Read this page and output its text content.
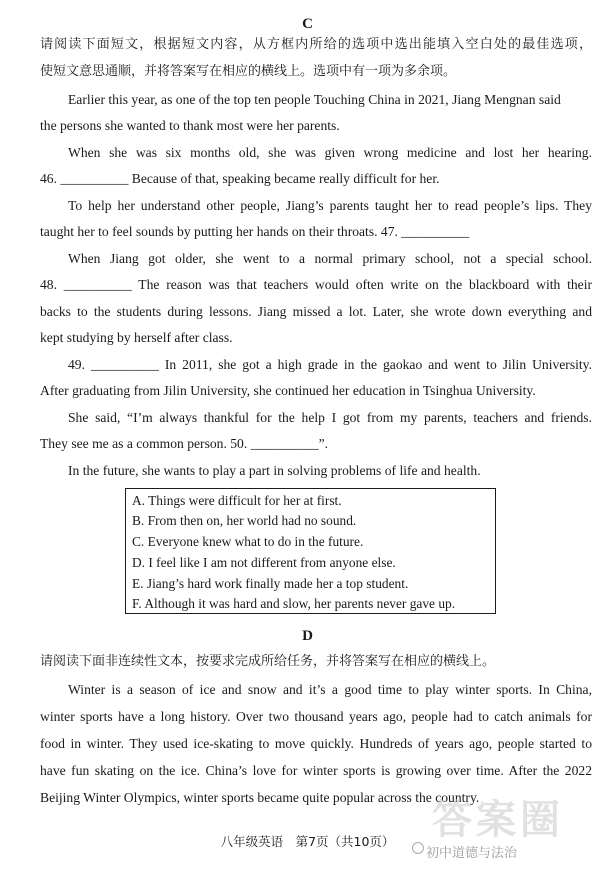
C
请阅读下面短文，根据短文内容，从方框内所给的选项中选出能填入空白处的最佳选项，
使短文意思通顺，并将答案写在相应的横线上。选项中有一项为多余项。
Earlier this year, as one of the top ten people Touching China in 2021, Jiang Mengnan said
the persons she wanted to thank most were her parents.
When she was six months old, she was given wrong medicine and lost her hearing.
46. __________ Because of that, speaking became really difficult for her.
To help her understand other people, Jiang’s parents taught her to read people’s lips. They
taught her to feel sounds by putting her hands on their throats. 47. __________
When Jiang got older, she went to a normal primary school, not a special school.
48. __________ The reason was that teachers would often write on the blackboard with their
backs to the students during lessons. Jiang missed a lot. Later, she wrote down everything and
kept studying by herself after class.
49. __________ In 2011, she got a high grade in the gaokao and went to Jilin University.
After graduating from Jilin University, she continued her education in Tsinghua University.
She said, “I’m always thankful for the help I got from my parents, teachers and friends.
They see me as a common person. 50. __________”.
In the future, she wants to play a part in solving problems of life and health.
A. Things were difficult for her at first.
B. From then on, her world had no sound.
C. Everyone knew what to do in the future.
D. I feel like I am not different from anyone else.
E. Jiang’s hard work finally made her a top student.
F. Although it was hard and slow, her parents never gave up.
D
请阅读下面非连续性文本，按要求完成所给任务，并将答案写在相应的横线上。
Winter is a season of ice and snow and it’s a good time to play winter sports. In China,
winter sports have a long history. Over two thousand years ago, people had to catch animals for
food in winter. They used ice-skating to move quickly. Hundreds of years ago, people started to
have fun skating on the ice. China’s love for winter sports is growing over time. After the 2022
Beijing Winter Olympics, winter sports became quite popular across the country.
答案圈
初中道德与法治
八年级英语　第7页（共10页）
